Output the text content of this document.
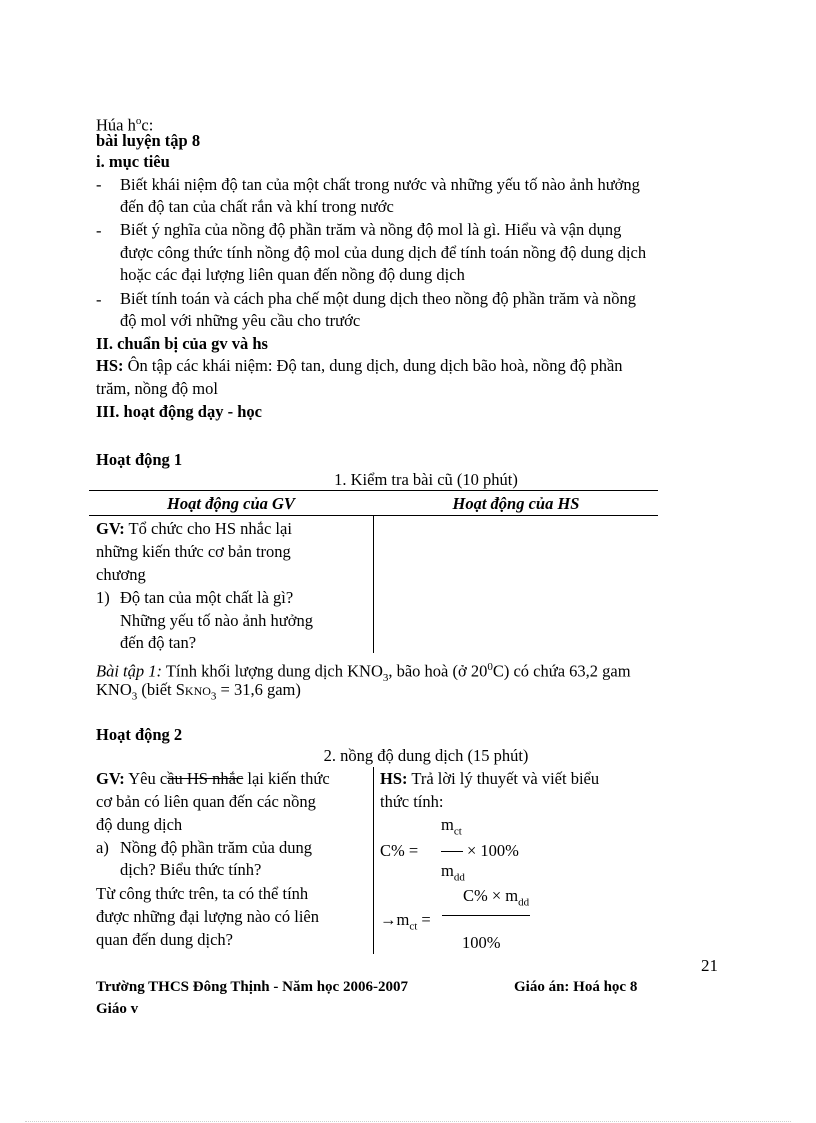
Húa $h^oc$:
bài luyện tập 8
i. mục tiêu
- Biết khái niệm độ tan của một chất trong nước và những yếu tố nào ảnh hưởng
đến độ tan của chất rắn và khí trong nước
- Biết ý nghĩa của nồng độ phần trăm và nồng độ mol là gì. Hiểu và vận dụng
được công thức tính nồng độ mol của dung dịch để tính toán nồng độ dung dịch
hoặc các đại lượng liên quan đến nồng độ dung dịch
- Biết tính toán và cách pha chế một dung dịch theo nồng độ phần trăm và nồng
độ mol với những yêu cầu cho trước
II. chuẩn bị của gv và hs
HS: Ôn tập các khái niệm: Độ tan, dung dịch, dung dịch bão hoà, nồng độ phần
trăm, nồng độ mol
III. hoạt động dạy - học
Hoạt động 1
1. Kiểm tra bài cũ (10 phút)
Hoạt động của GV	Hoạt động của HS
GV: Tổ chức cho HS nhắc lại
những kiến thức cơ bản trong
chương
1) Độ tan của một chất là gì?
Những yếu tố nào ảnh hưởng
đến độ tan?
Bài tập 1: Tính khối lượng dung dịch $KNO_3$, bão hoà (ở $20^0C$) có chứa 63,2 gam
$KNO_3$ (biết $SKNO_3 = 31,6$ gam)
Hoạt động 2
2. nồng độ dung dịch (15 phút)
GV: Yêu cầu HS nhắc lại kiến thức
cơ bản có liên quan đến các nồng
độ dung dịch
a) Nồng độ phần trăm của dung
dịch? Biểu thức tính?
Từ công thức trên, ta có thể tính
được những đại lượng nào có liên
quan đến dung dịch?
HS: Trả lời lý thuyết và viết biểu
thức tính:
$m_{ct}$
C% =	× 100%
$m_{dd}$
$C\% \times m_{dd}$
$\to m_{ct}$ =
100%
21
Trường THCS Đông Thịnh - Năm học 2006-2007	Giáo án: Hoá học 8
Giáo v
